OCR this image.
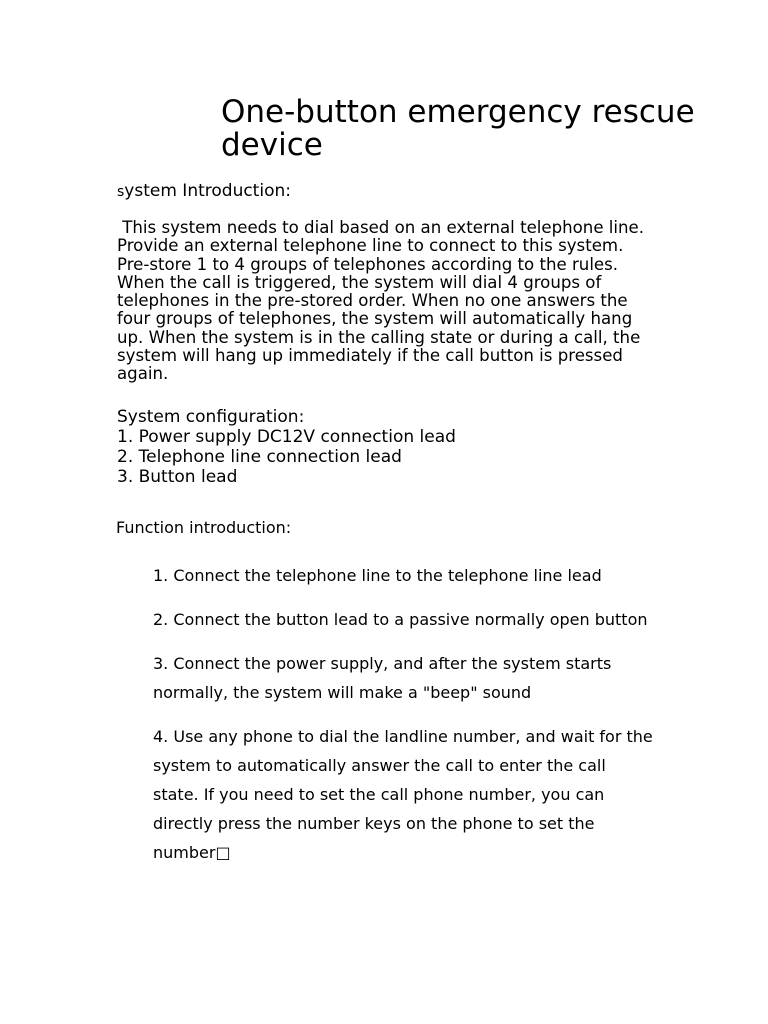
One-button emergency rescue device

system Introduction:

This system needs to dial based on an external telephone line. Provide an external telephone line to connect to this system. Pre-store 1 to 4 groups of telephones according to the rules. When the call is triggered, the system will dial 4 groups of telephones in the pre-stored order. When no one answers the four groups of telephones, the system will automatically hang up. When the system is in the calling state or during a call, the system will hang up immediately if the call button is pressed again.

System configuration:
1. Power supply DC12V connection lead
2. Telephone line connection lead
3. Button lead

Function introduction:

1. Connect the telephone line to the telephone line lead
2. Connect the button lead to a passive normally open button
3. Connect the power supply, and after the system starts normally, the system will make a "beep" sound
4. Use any phone to dial the landline number, and wait for the system to automatically answer the call to enter the call state. If you need to set the call phone number, you can directly press the number keys on the phone to set the number□
